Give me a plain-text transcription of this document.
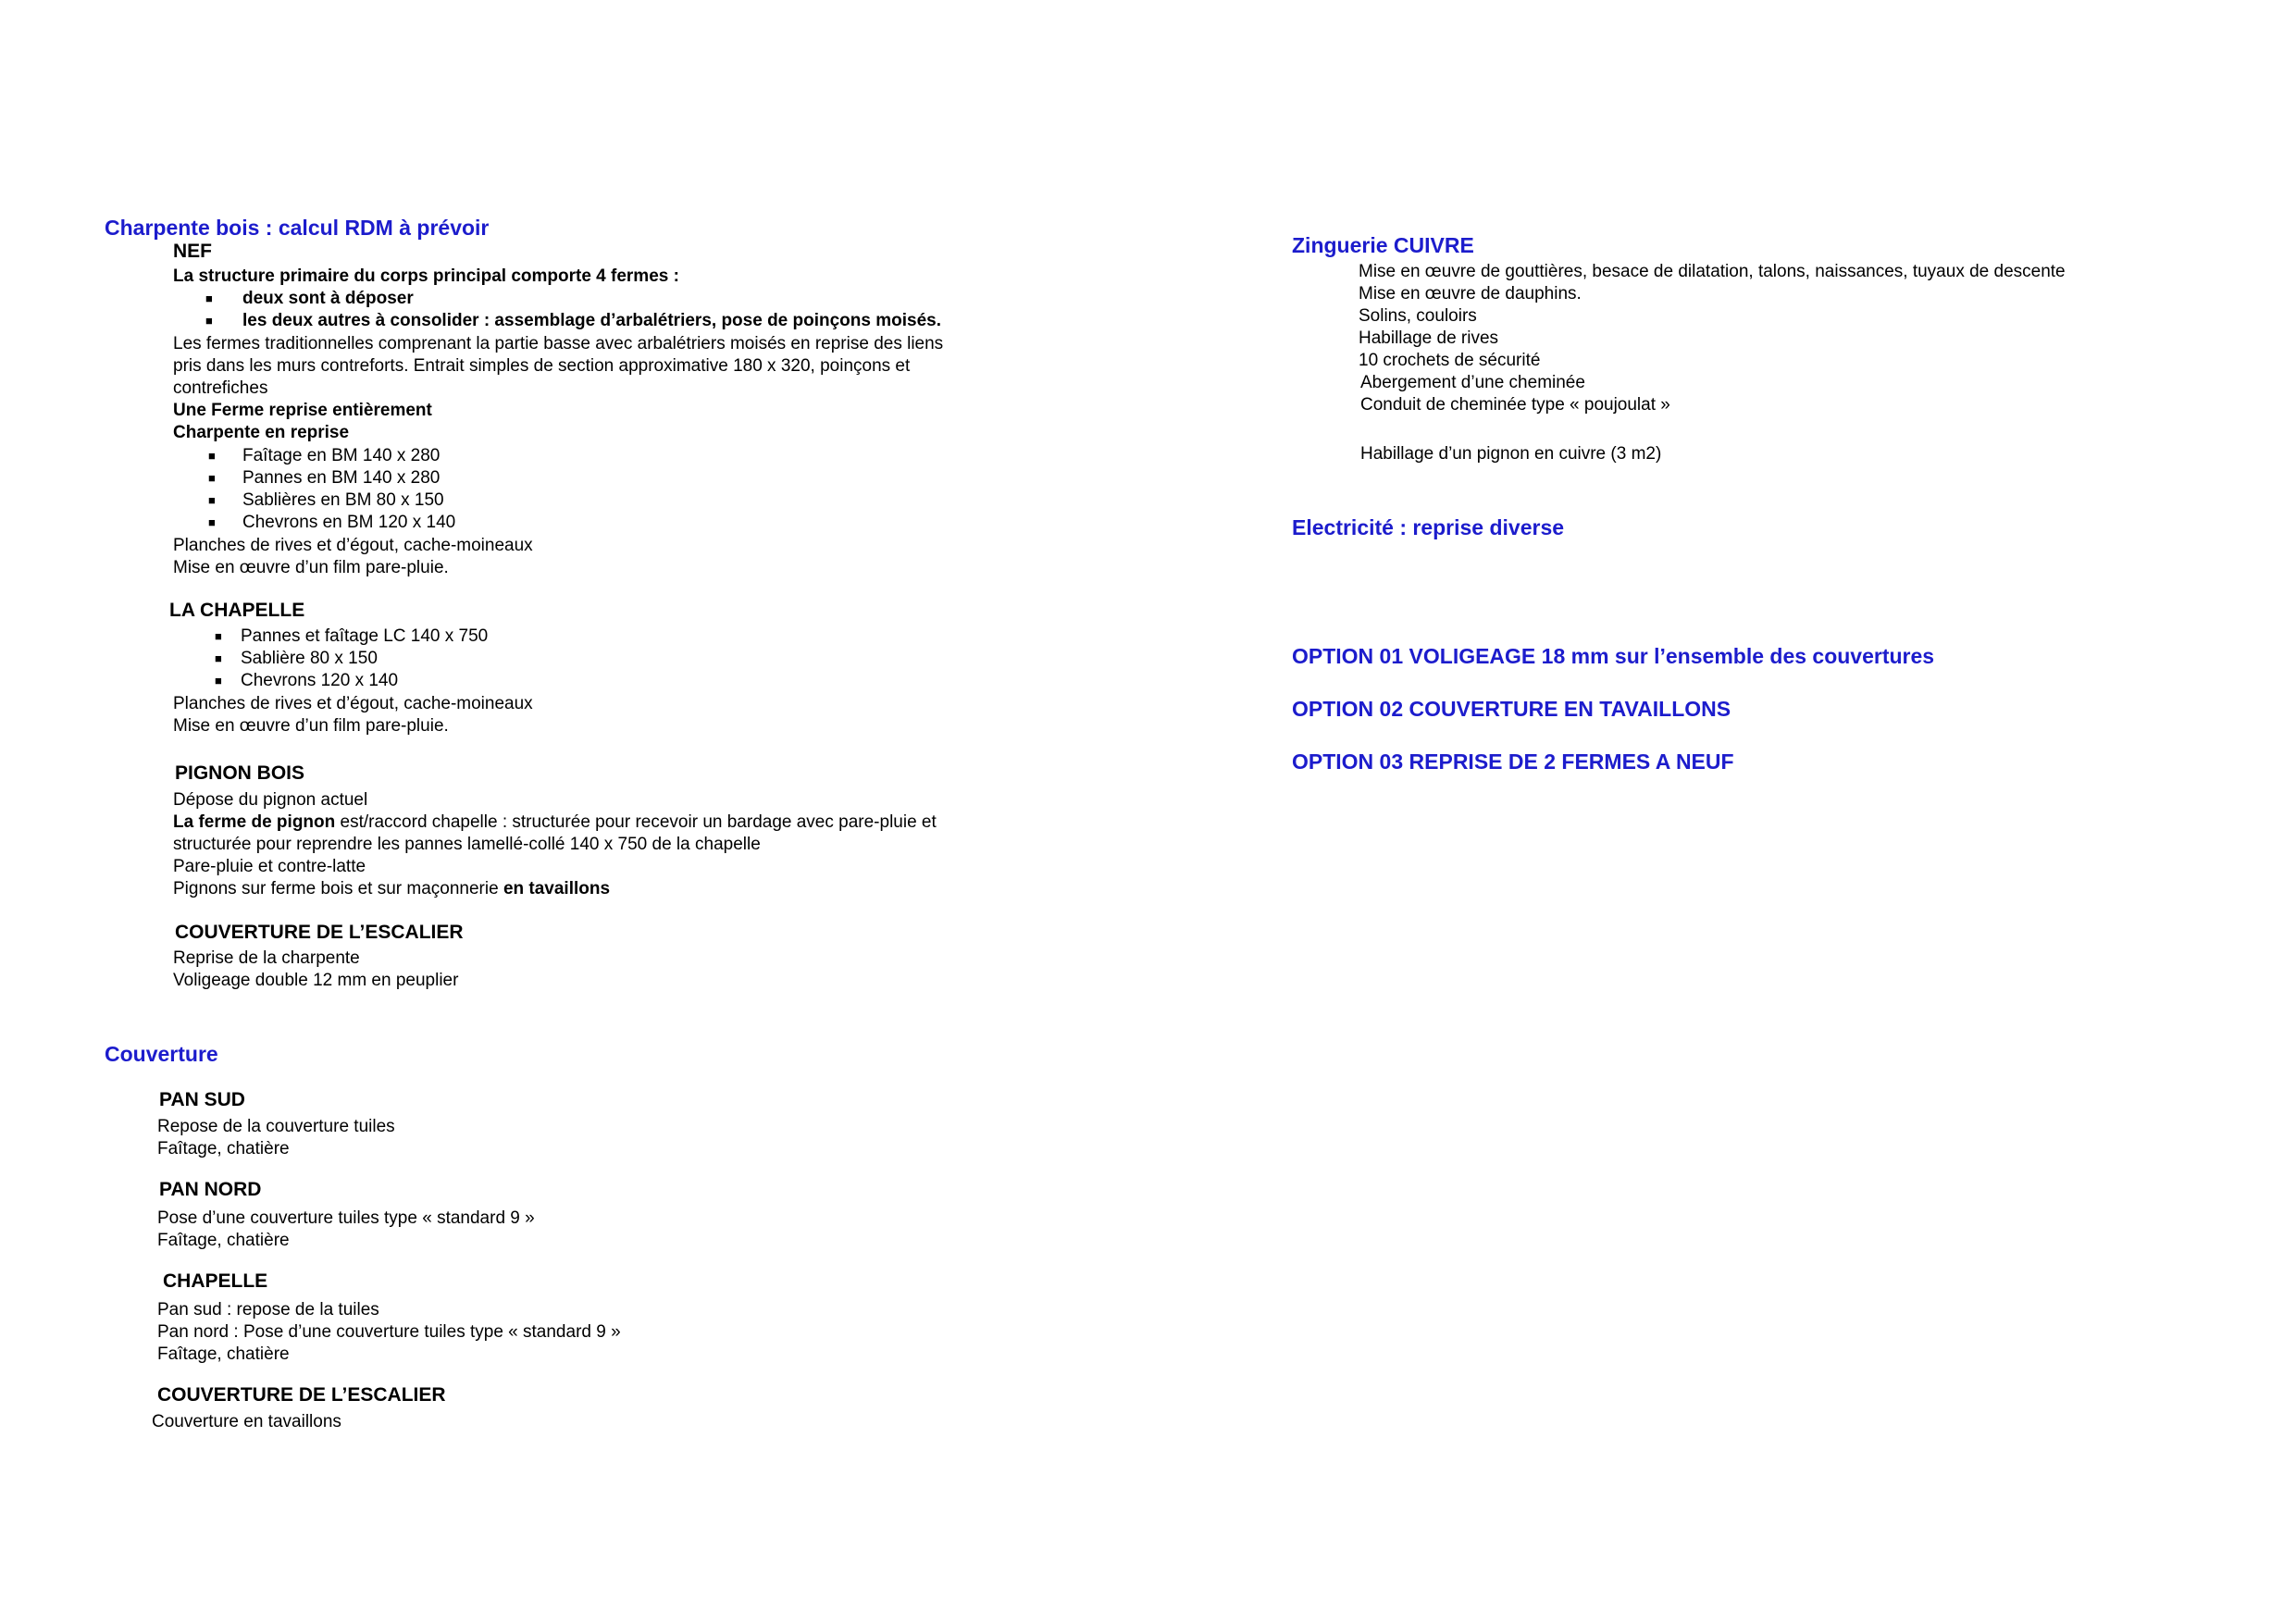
Charpente bois : calcul RDM à prévoir
NEF
La structure primaire du corps principal comporte 4 fermes :
■ deux sont à déposer
■ les deux autres à consolider : assemblage d’arbalétriers, pose de poinçons moisés.
Les fermes traditionnelles comprenant la partie basse avec arbalétriers moisés en reprise des liens
pris dans les murs contreforts. Entrait simples de section approximative 180 x 320, poinçons et
contrefiches
Une Ferme reprise entièrement
Charpente en reprise
■ Faîtage en BM 140 x 280
■ Pannes en BM 140 x 280
■ Sablières en BM 80 x 150
■ Chevrons en BM 120 x 140
Planches de rives et d’égout, cache-moineaux
Mise en œuvre d’un film pare-pluie.
LA CHAPELLE
■ Pannes et faîtage LC 140 x 750
■ Sablière 80 x 150
■ Chevrons 120 x 140
Planches de rives et d’égout, cache-moineaux
Mise en œuvre d’un film pare-pluie.
PIGNON BOIS
Dépose du pignon actuel
La ferme de pignon est/raccord chapelle : structurée pour recevoir un bardage avec pare-pluie et
structurée pour reprendre les pannes lamellé-collé 140 x 750 de la chapelle
Pare-pluie et contre-latte
Pignons sur ferme bois et sur maçonnerie en tavaillons
COUVERTURE DE L’ESCALIER
Reprise de la charpente
Voligeage double 12 mm en peuplier
Couverture
PAN SUD
Repose de la couverture tuiles
Faîtage, chatière
PAN NORD
Pose d’une couverture tuiles type « standard 9 »
Faîtage, chatière
CHAPELLE
Pan sud : repose de la tuiles
Pan nord : Pose d’une couverture tuiles type « standard 9 »
Faîtage, chatière
COUVERTURE DE L’ESCALIER
Couverture en tavaillons
Zinguerie CUIVRE
Mise en œuvre de gouttières, besace de dilatation, talons, naissances, tuyaux de descente
Mise en œuvre de dauphins.
Solins, couloirs
Habillage de rives
10 crochets de sécurité
Abergement d’une cheminée
Conduit de cheminée type « poujoulat »
Habillage d’un pignon en cuivre (3 m2)
Electricité : reprise diverse
OPTION 01 VOLIGEAGE 18 mm sur l’ensemble des couvertures
OPTION 02 COUVERTURE EN TAVAILLONS
OPTION 03 REPRISE DE 2 FERMES A NEUF
